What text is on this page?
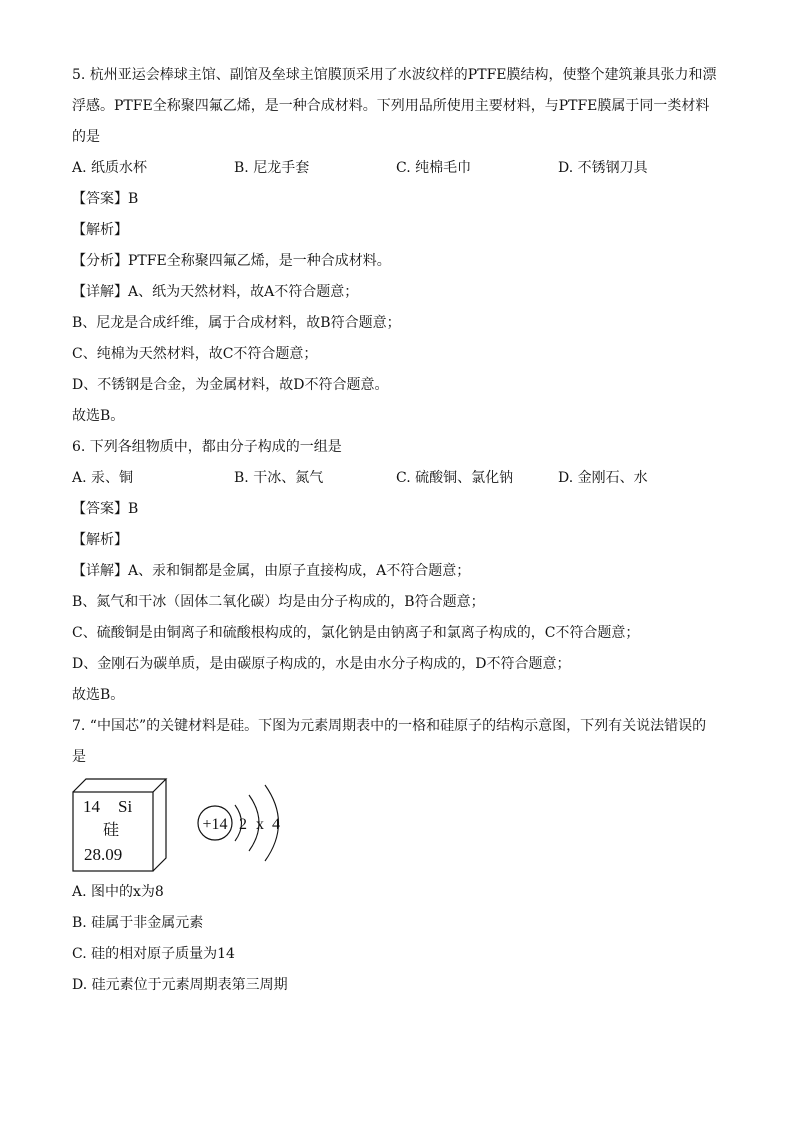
5. 杭州亚运会棒球主馆、副馆及垒球主馆膜顶采用了水波纹样的PTFE膜结构，使整个建筑兼具张力和漂
浮感。PTFE全称聚四氟乙烯，是一种合成材料。下列用品所使用主要材料，与PTFE膜属于同一类材料
的是
A. 纸质水杯	B. 尼龙手套	C. 纯棉毛巾	D. 不锈钢刀具
【答案】B
【解析】
【分析】PTFE全称聚四氟乙烯，是一种合成材料。
【详解】A、纸为天然材料，故A不符合题意；
B、尼龙是合成纤维，属于合成材料，故B符合题意；
C、纯棉为天然材料，故C不符合题意；
D、不锈钢是合金，为金属材料，故D不符合题意。
故选B。
6. 下列各组物质中，都由分子构成的一组是
A. 汞、铜	B. 干冰、氮气	C. 硫酸铜、氯化钠	D. 金刚石、水
【答案】B
【解析】
【详解】A、汞和铜都是金属，由原子直接构成，A不符合题意；
B、氮气和干冰（固体二氧化碳）均是由分子构成的，B符合题意；
C、硫酸铜是由铜离子和硫酸根构成的，氯化钠是由钠离子和氯离子构成的，C不符合题意；
D、金刚石为碳单质，是由碳原子构成的，水是由水分子构成的，D不符合题意；
故选B。
7. “中国芯”的关键材料是硅。下图为元素周期表中的一格和硅原子的结构示意图，下列有关说法错误的
是
14 Si
硅
28.09
+14 2 x 4
A. 图中的x为8
B. 硅属于非金属元素
C. 硅的相对原子质量为14
D. 硅元素位于元素周期表第三周期
